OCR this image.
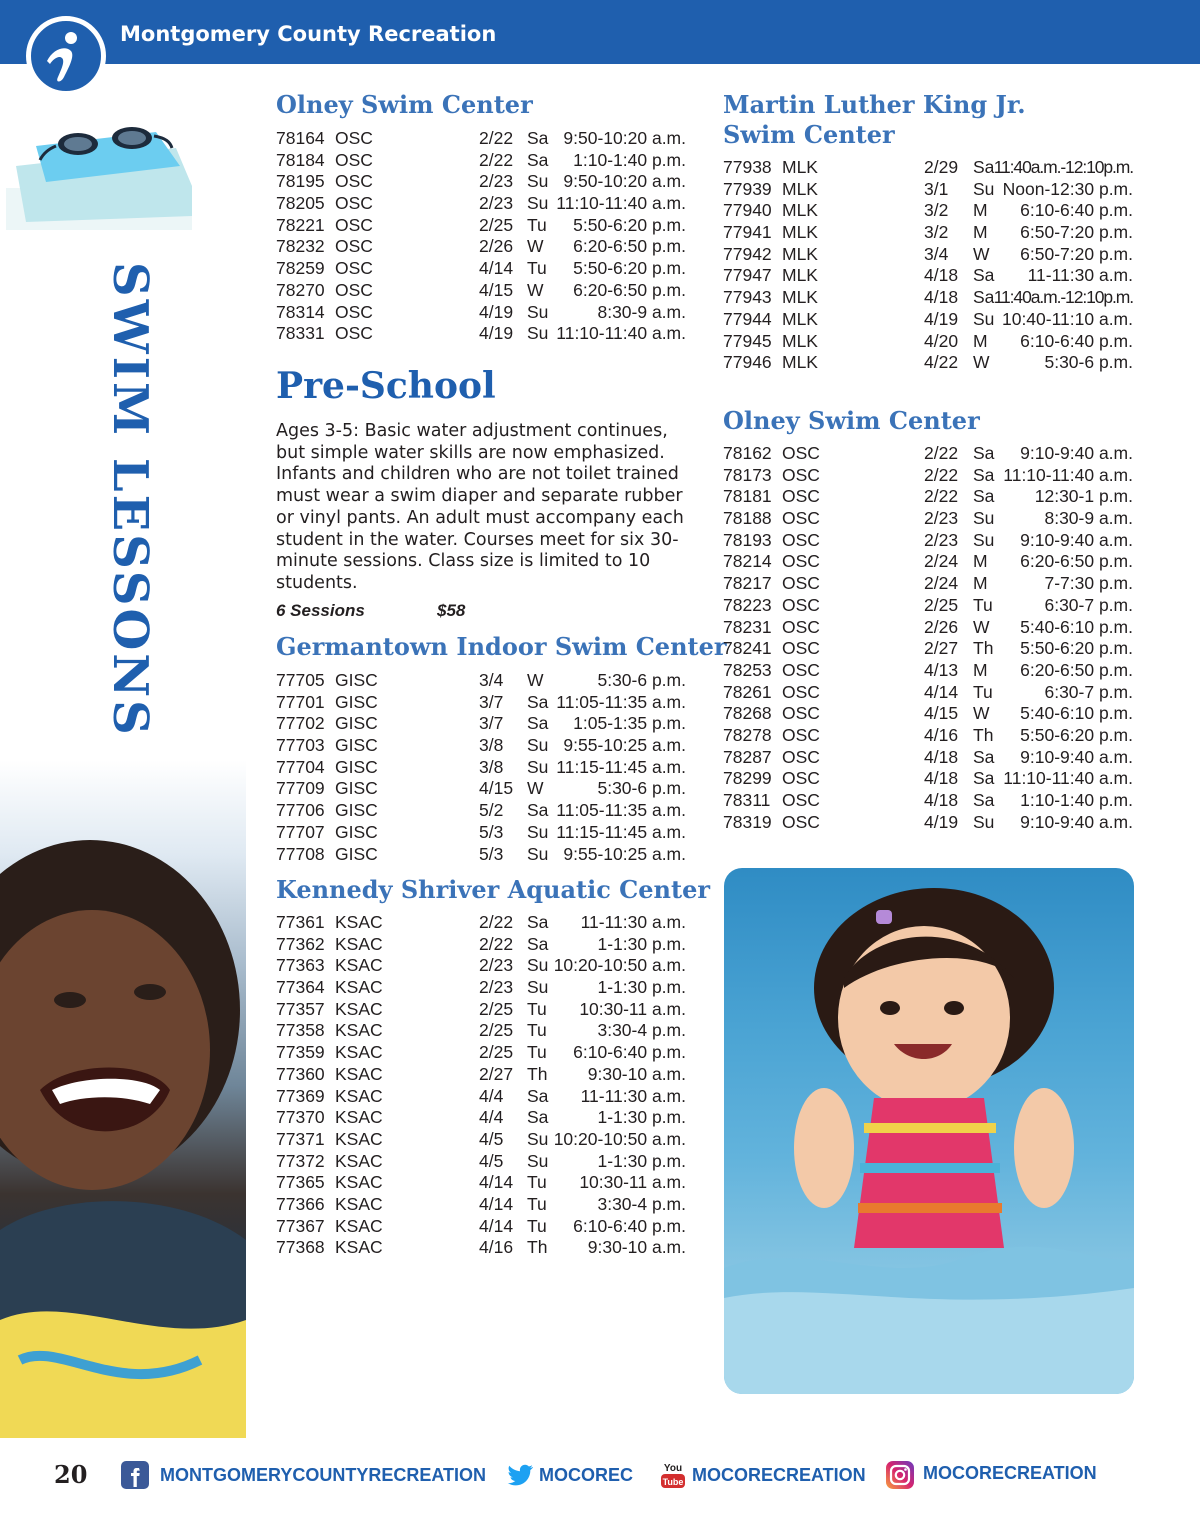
Montgomery County Recreation
SWIM LESSONS
Olney Swim Center
78164 OSC	2/22 Sa 9:50-10:20 a.m.
78184 OSC	2/22 Sa 1:10-1:40 p.m.
78195 OSC	2/23 Su 9:50-10:20 a.m.
78205 OSC	2/23 Su 11:10-11:40 a.m.
78221 OSC	2/25 Tu 5:50-6:20 p.m.
78232 OSC	2/26 W 6:20-6:50 p.m.
78259 OSC	4/14 Tu 5:50-6:20 p.m.
78270 OSC	4/15 W 6:20-6:50 p.m.
78314 OSC	4/19 Su	8:30-9 a.m.
78331 OSC	4/19 Su 11:10-11:40 a.m.
Pre-School
Ages 3-5: Basic water adjustment continues, but simple water skills are now emphasized. Infants and children who are not toilet trained must wear a swim diaper and separate rubber or vinyl pants. An adult must accompany each student in the water. Courses meet for six 30-minute sessions. Class size is limited to 10 students.
6 Sessions	$58
Germantown Indoor Swim Center
77705 GISC	3/4 W	5:30-6 p.m.
77701 GISC	3/7 Sa 11:05-11:35 a.m.
77702 GISC	3/7 Sa 1:05-1:35 p.m.
77703 GISC	3/8 Su 9:55-10:25 a.m.
77704 GISC	3/8 Su 11:15-11:45 a.m.
77709 GISC	4/15 W	5:30-6 p.m.
77706 GISC	5/2 Sa 11:05-11:35 a.m.
77707 GISC	5/3 Su 11:15-11:45 a.m.
77708 GISC	5/3 Su 9:55-10:25 a.m.
Kennedy Shriver Aquatic Center
77361 KSAC	2/22 Sa 11-11:30 a.m.
77362 KSAC	2/22 Sa	1-1:30 p.m.
77363 KSAC	2/23 Su 10:20-10:50 a.m.
77364 KSAC	2/23 Su	1-1:30 p.m.
77357 KSAC	2/25 Tu 10:30-11 a.m.
77358 KSAC	2/25 Tu	3:30-4 p.m.
77359 KSAC	2/25 Tu 6:10-6:40 p.m.
77360 KSAC	2/27 Th 9:30-10 a.m.
77369 KSAC	4/4 Sa 11-11:30 a.m.
77370 KSAC	4/4 Sa	1-1:30 p.m.
77371 KSAC	4/5 Su 10:20-10:50 a.m.
77372 KSAC	4/5 Su	1-1:30 p.m.
77365 KSAC	4/14 Tu 10:30-11 a.m.
77366 KSAC	4/14 Tu	3:30-4 p.m.
77367 KSAC	4/14 Tu 6:10-6:40 p.m.
77368 KSAC	4/16 Th 9:30-10 a.m.
Martin Luther King Jr.
Swim Center
77938 MLK	2/29 Sa 11:40a.m.-12:10p.m.
77939 MLK	3/1 Su Noon-12:30 p.m.
77940 MLK	3/2 M 6:10-6:40 p.m.
77941 MLK	3/2 M 6:50-7:20 p.m.
77942 MLK	3/4 W 6:50-7:20 p.m.
77947 MLK	4/18 Sa 11-11:30 a.m.
77943 MLK	4/18 Sa 11:40a.m.-12:10p.m.
77944 MLK	4/19 Su 10:40-11:10 a.m.
77945 MLK	4/20 M 6:10-6:40 p.m.
77946 MLK	4/22 W	5:30-6 p.m.
Olney Swim Center
78162 OSC	2/22 Sa 9:10-9:40 a.m.
78173 OSC	2/22 Sa 11:10-11:40 a.m.
78181 OSC	2/22 Sa 12:30-1 p.m.
78188 OSC	2/23 Su	8:30-9 a.m.
78193 OSC	2/23 Su 9:10-9:40 a.m.
78214 OSC	2/24 M 6:20-6:50 p.m.
78217 OSC	2/24 M	7-7:30 p.m.
78223 OSC	2/25 Tu	6:30-7 p.m.
78231 OSC	2/26 W 5:40-6:10 p.m.
78241 OSC	2/27 Th 5:50-6:20 p.m.
78253 OSC	4/13 M 6:20-6:50 p.m.
78261 OSC	4/14 Tu	6:30-7 p.m.
78268 OSC	4/15 W 5:40-6:10 p.m.
78278 OSC	4/16 Th 5:50-6:20 p.m.
78287 OSC	4/18 Sa 9:10-9:40 a.m.
78299 OSC	4/18 Sa 11:10-11:40 a.m.
78311 OSC	4/18 Sa 1:10-1:40 p.m.
78319 OSC	4/19 Su 9:10-9:40 a.m.
20	MONTGOMERYCOUNTYRECREATION	MOCOREC	You
Tube MOCORECREATION	MOCORECREATION
